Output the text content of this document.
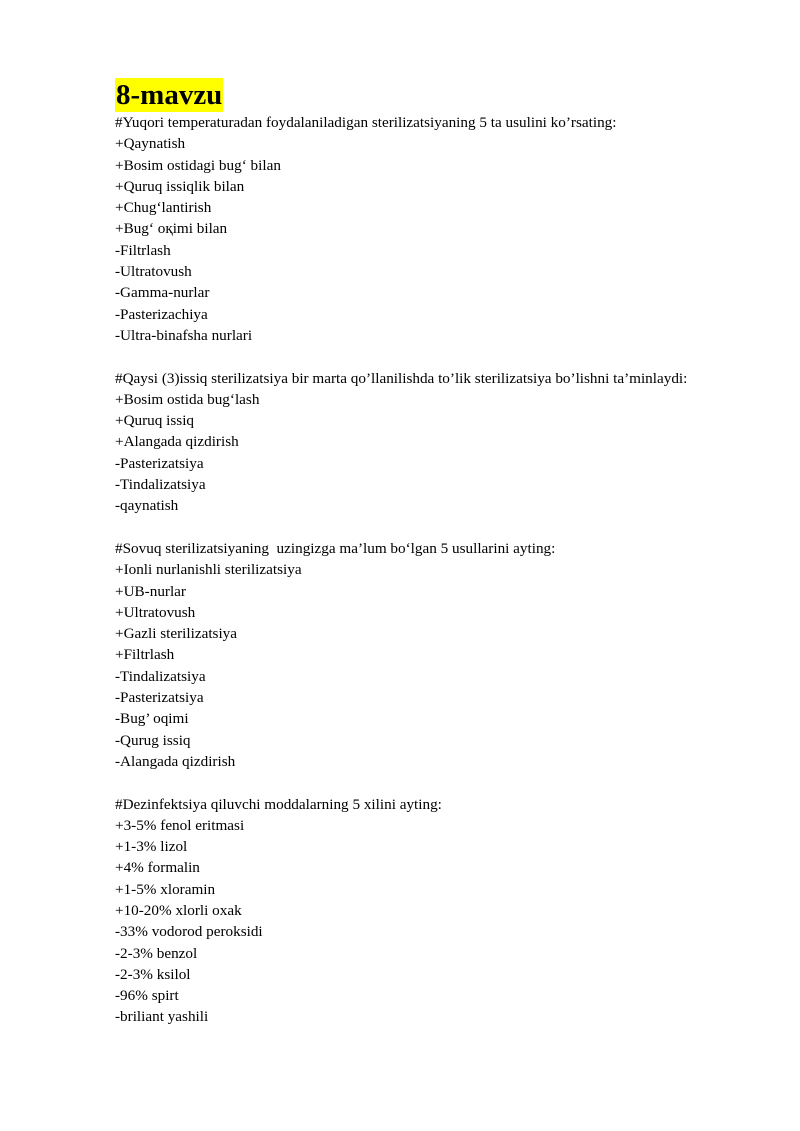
8-mavzu
#Yuqori temperaturadan foydalaniladigan sterilizatsiyaning 5 ta usulini ko’rsating:
+Qaynatish
+Bosim ostidagi bug‘ bilan
+Quruq issiqlik bilan
+Chug‘lantirish
+Bug‘ оқimi bilan
-Filtrlash
-Ultratovush
-Gamma-nurlar
-Pasterizachiya
-Ultra-binafsha nurlari
#Qaysi (3)issiq sterilizatsiya bir marta qo’llanilishda to’lik sterilizatsiya bo’lishni ta’minlaydi:
+Bosim ostida bug‘lash
+Quruq issiq
+Alangada qizdirish
-Pasterizatsiya
-Tindalizatsiya
-qaynatish
#Sovuq sterilizatsiyaning  uzingizga ma’lum bo‘lgan 5 usullarini ayting:
+Ionli nurlanishli sterilizatsiya
+UB-nurlar
+Ultratovush
+Gazli sterilizatsiya
+Filtrlash
-Tindalizatsiya
-Pasterizatsiya
-Bug’ oqimi
-Qurug issiq
-Alangada qizdirish
#Dezinfektsiya qiluvchi moddalarning 5 xilini ayting:
+3-5% fenol eritmasi
+1-3% lizol
+4% formalin
+1-5% xloramin
+10-20% xlorli oxak
-33% vodorod peroksidi
-2-3% benzol
-2-3% ksilol
-96% spirt
-briliant yashili
